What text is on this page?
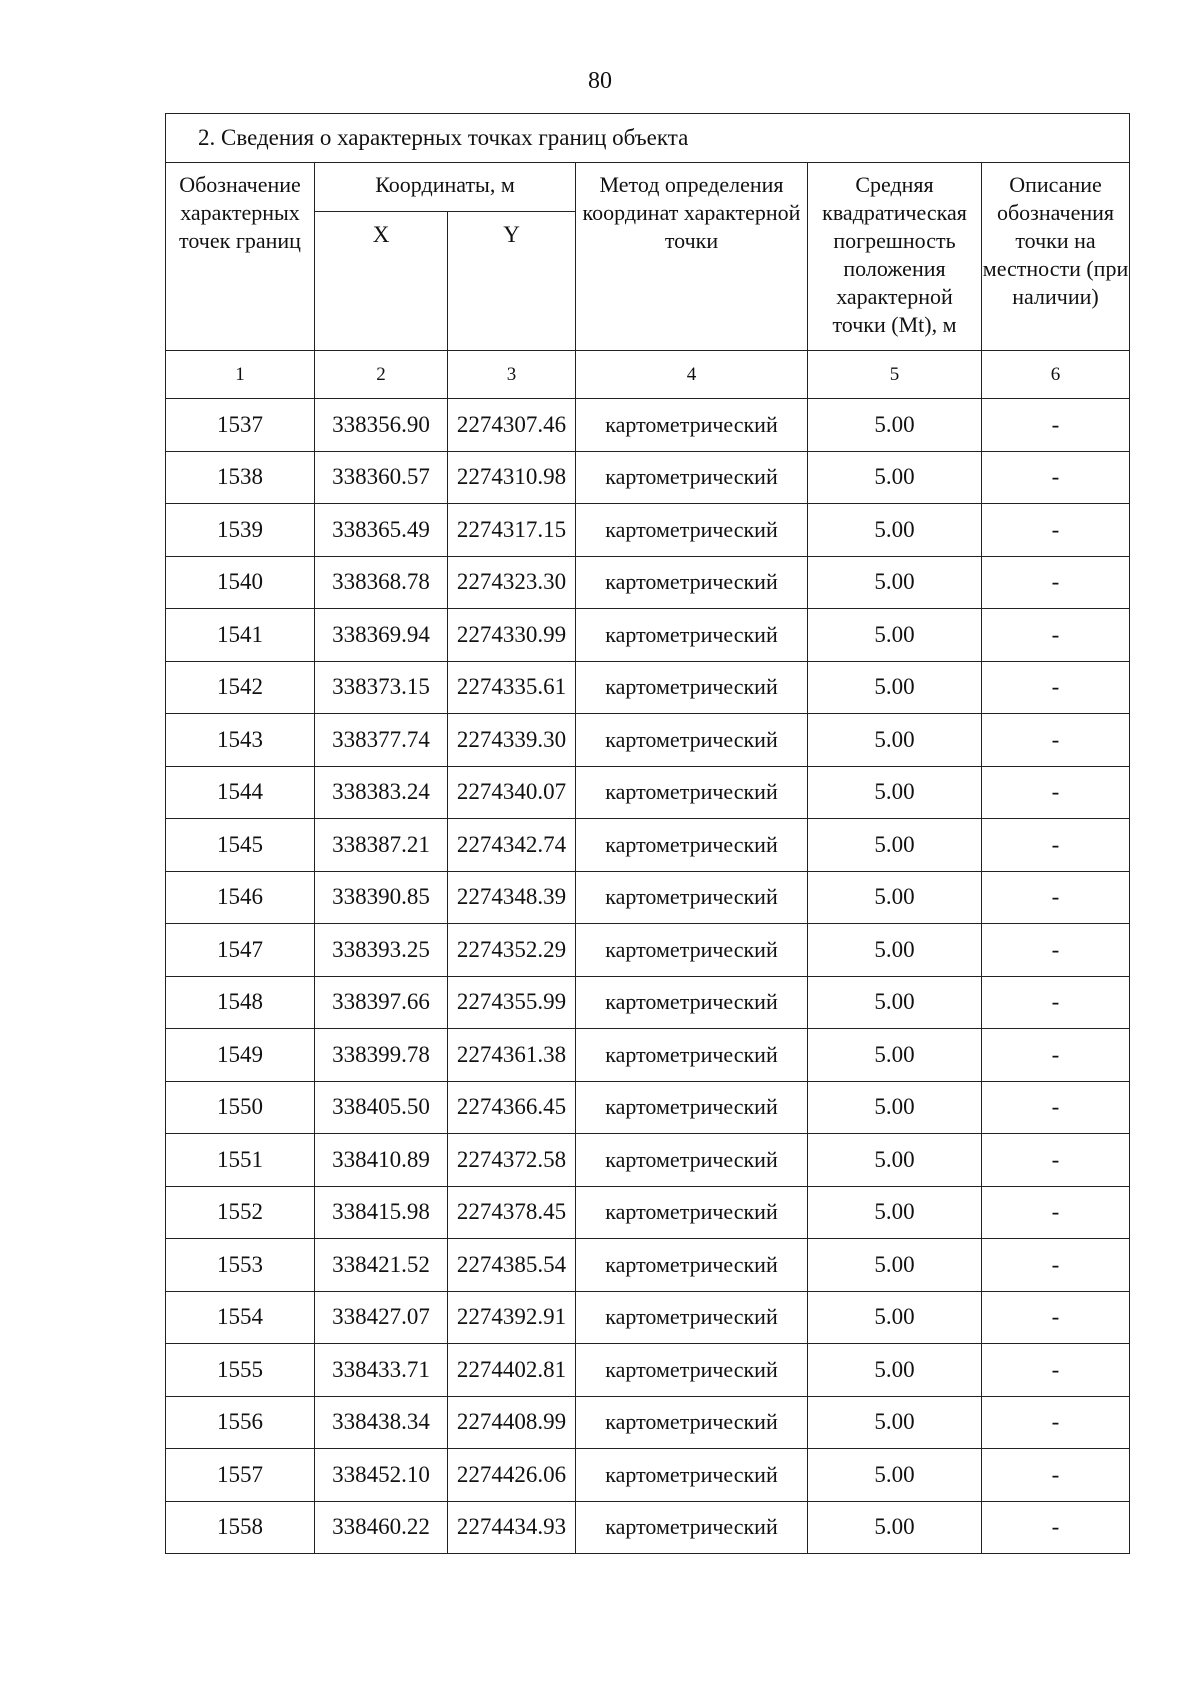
80
2. Сведения о характерных точках границ объекта					
Обозначение характерных точек границ	Координаты, м		Метод определения координат характерной точки	Средняя квадратическая погрешность положения характерной точки (Mt), м	Описание обозначения точки на местности (при наличии)
	X	Y			
1	2	3	4	5	6
1537	338356.90	2274307.46	картометрический	5.00	-
1538	338360.57	2274310.98	картометрический	5.00	-
1539	338365.49	2274317.15	картометрический	5.00	-
1540	338368.78	2274323.30	картометрический	5.00	-
1541	338369.94	2274330.99	картометрический	5.00	-
1542	338373.15	2274335.61	картометрический	5.00	-
1543	338377.74	2274339.30	картометрический	5.00	-
1544	338383.24	2274340.07	картометрический	5.00	-
1545	338387.21	2274342.74	картометрический	5.00	-
1546	338390.85	2274348.39	картометрический	5.00	-
1547	338393.25	2274352.29	картометрический	5.00	-
1548	338397.66	2274355.99	картометрический	5.00	-
1549	338399.78	2274361.38	картометрический	5.00	-
1550	338405.50	2274366.45	картометрический	5.00	-
1551	338410.89	2274372.58	картометрический	5.00	-
1552	338415.98	2274378.45	картометрический	5.00	-
1553	338421.52	2274385.54	картометрический	5.00	-
1554	338427.07	2274392.91	картометрический	5.00	-
1555	338433.71	2274402.81	картометрический	5.00	-
1556	338438.34	2274408.99	картометрический	5.00	-
1557	338452.10	2274426.06	картометрический	5.00	-
1558	338460.22	2274434.93	картометрический	5.00	-
